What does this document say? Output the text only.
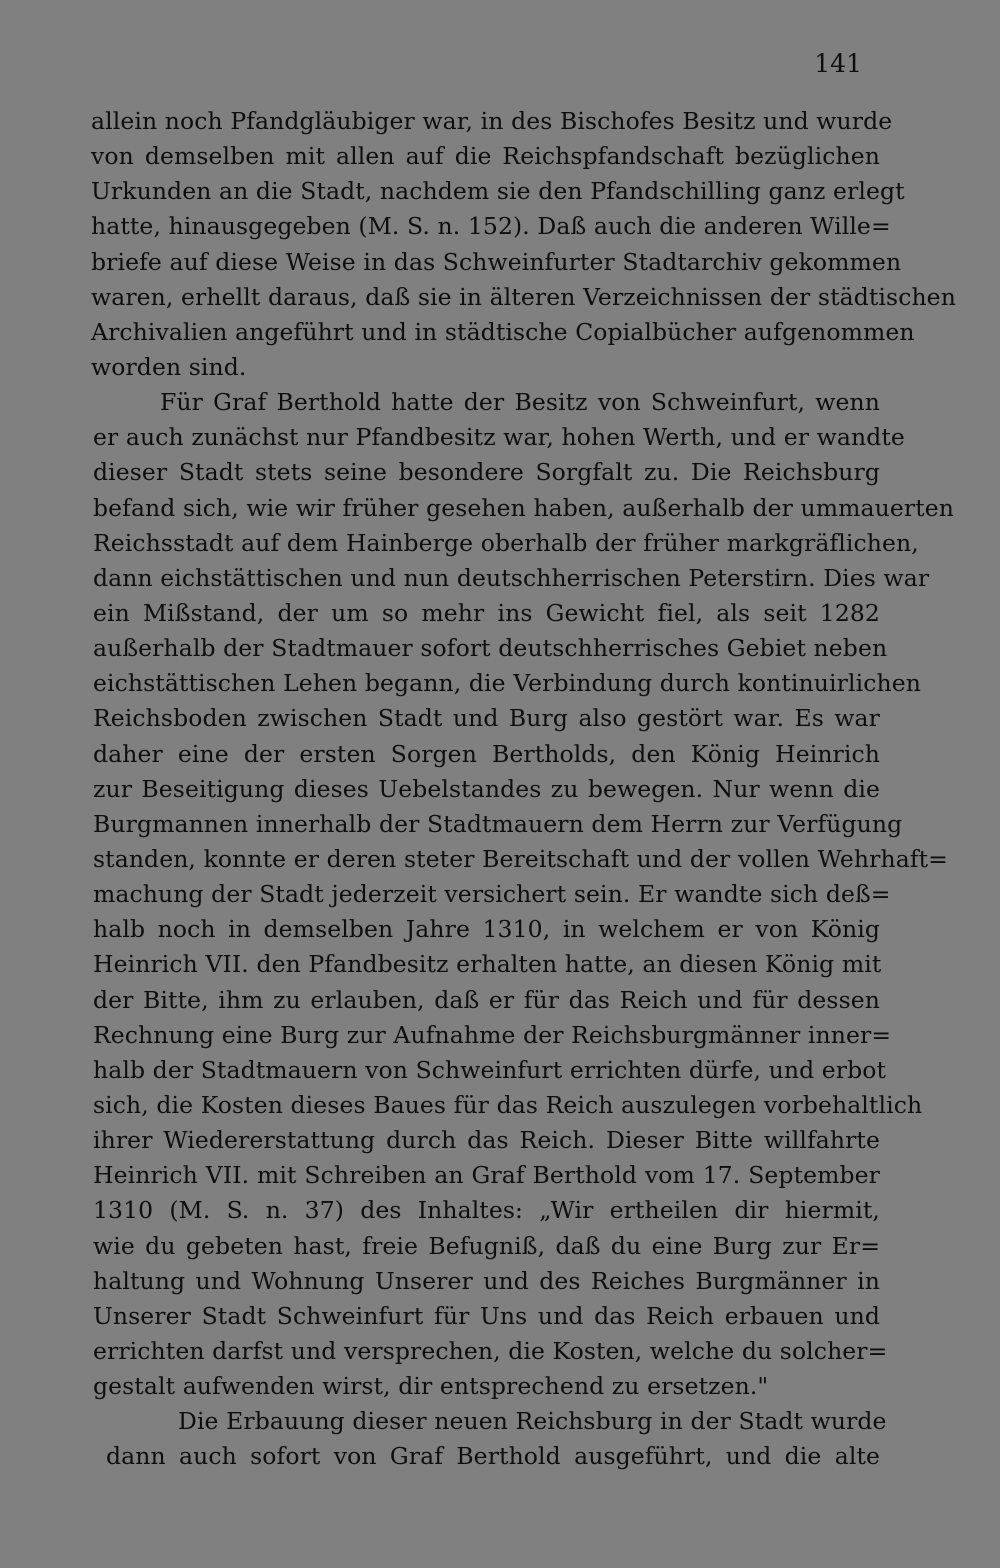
141
allein noch Pfandgläubiger war, in des Bischofes Besitz und wurde
von demselben mit allen auf die Reichspfandschaft bezüglichen
Urkunden an die Stadt, nachdem sie den Pfandschilling ganz erlegt
hatte, hinausgegeben (M. S. n. 152). Daß auch die anderen Wille=
briefe auf diese Weise in das Schweinfurter Stadtarchiv gekommen
waren, erhellt daraus, daß sie in älteren Verzeichnissen der städtischen
Archivalien angeführt und in städtische Copialbücher aufgenommen
worden sind.
Für Graf Berthold hatte der Besitz von Schweinfurt, wenn
er auch zunächst nur Pfandbesitz war, hohen Werth, und er wandte
dieser Stadt stets seine besondere Sorgfalt zu. Die Reichsburg
befand sich, wie wir früher gesehen haben, außerhalb der ummauerten
Reichsstadt auf dem Hainberge oberhalb der früher markgräflichen,
dann eichstättischen und nun deutschherrischen Peterstirn. Dies war
ein Mißstand, der um so mehr ins Gewicht fiel, als seit 1282
außerhalb der Stadtmauer sofort deutschherrisches Gebiet neben
eichstättischen Lehen begann, die Verbindung durch kontinuirlichen
Reichsboden zwischen Stadt und Burg also gestört war. Es war
daher eine der ersten Sorgen Bertholds, den König Heinrich
zur Beseitigung dieses Uebelstandes zu bewegen. Nur wenn die
Burgmannen innerhalb der Stadtmauern dem Herrn zur Verfügung
standen, konnte er deren steter Bereitschaft und der vollen Wehrhaft=
machung der Stadt jederzeit versichert sein. Er wandte sich deß=
halb noch in demselben Jahre 1310, in welchem er von König
Heinrich VII. den Pfandbesitz erhalten hatte, an diesen König mit
der Bitte, ihm zu erlauben, daß er für das Reich und für dessen
Rechnung eine Burg zur Aufnahme der Reichsburgmänner inner=
halb der Stadtmauern von Schweinfurt errichten dürfe, und erbot
sich, die Kosten dieses Baues für das Reich auszulegen vorbehaltlich
ihrer Wiedererstattung durch das Reich. Dieser Bitte willfahrte
Heinrich VII. mit Schreiben an Graf Berthold vom 17. September
1310 (M. S. n. 37) des Inhaltes: „Wir ertheilen dir hiermit,
wie du gebeten hast, freie Befugniß, daß du eine Burg zur Er=
haltung und Wohnung Unserer und des Reiches Burgmänner in
Unserer Stadt Schweinfurt für Uns und das Reich erbauen und
errichten darfst und versprechen, die Kosten, welche du solcher=
gestalt aufwenden wirst, dir entsprechend zu ersetzen."
Die Erbauung dieser neuen Reichsburg in der Stadt wurde
dann auch sofort von Graf Berthold ausgeführt, und die alte
